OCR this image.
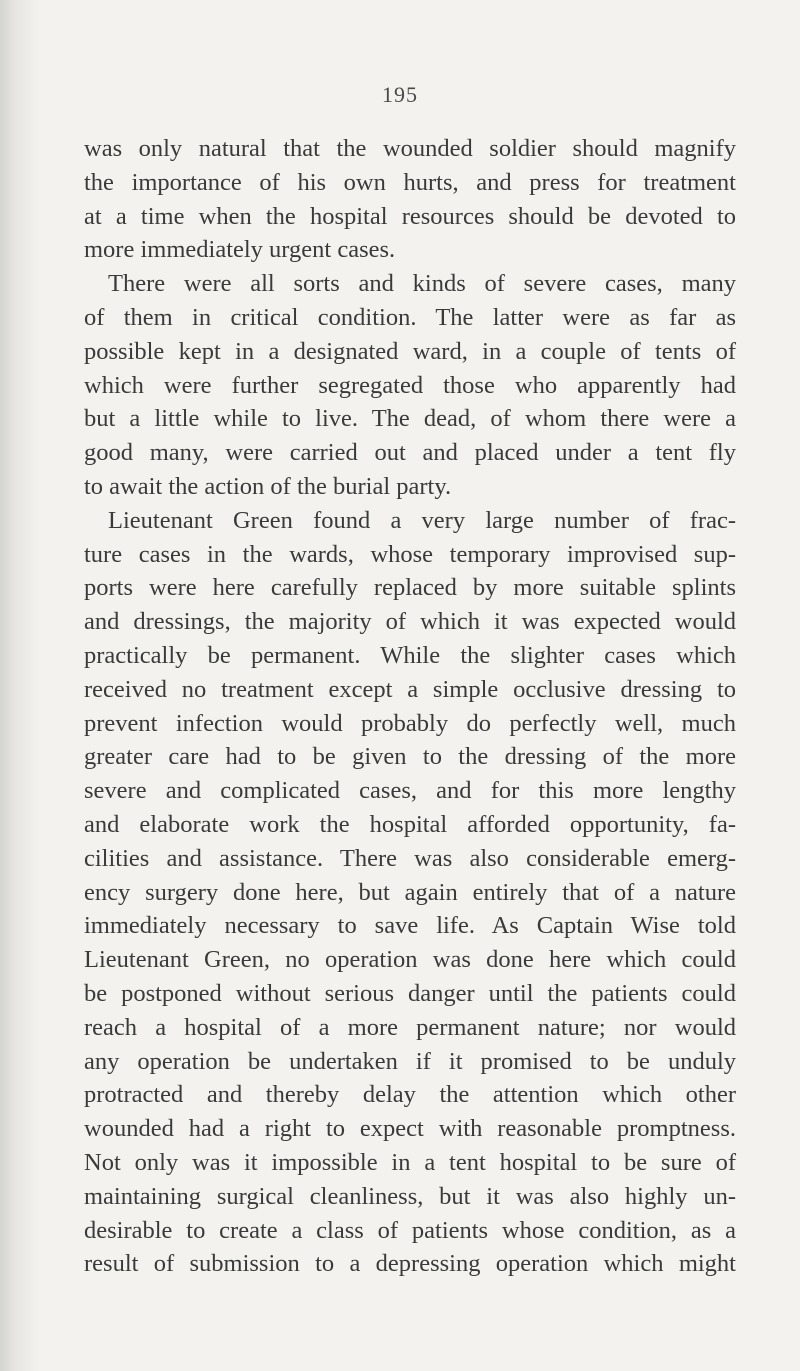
195
was only natural that the wounded soldier should magnify
the importance of his own hurts, and press for treatment
at a time when the hospital resources should be devoted to
more immediately urgent cases.
There were all sorts and kinds of severe cases, many
of them in critical condition. The latter were as far as
possible kept in a designated ward, in a couple of tents of
which were further segregated those who apparently had
but a little while to live. The dead, of whom there were a
good many, were carried out and placed under a tent fly
to await the action of the burial party.
Lieutenant Green found a very large number of frac-
ture cases in the wards, whose temporary improvised sup-
ports were here carefully replaced by more suitable splints
and dressings, the majority of which it was expected would
practically be permanent. While the slighter cases which
received no treatment except a simple occlusive dressing to
prevent infection would probably do perfectly well, much
greater care had to be given to the dressing of the more
severe and complicated cases, and for this more lengthy
and elaborate work the hospital afforded opportunity, fa-
cilities and assistance. There was also considerable emerg-
ency surgery done here, but again entirely that of a nature
immediately necessary to save life. As Captain Wise told
Lieutenant Green, no operation was done here which could
be postponed without serious danger until the patients could
reach a hospital of a more permanent nature; nor would
any operation be undertaken if it promised to be unduly
protracted and thereby delay the attention which other
wounded had a right to expect with reasonable promptness.
Not only was it impossible in a tent hospital to be sure of
maintaining surgical cleanliness, but it was also highly un-
desirable to create a class of patients whose condition, as a
result of submission to a depressing operation which might
